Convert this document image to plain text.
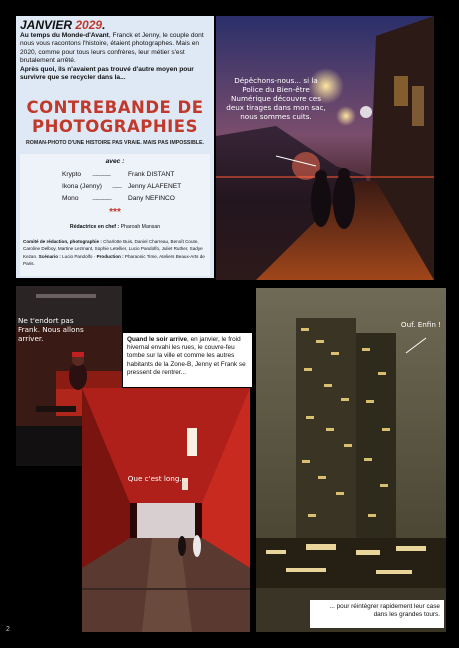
JANVIER 2029.
Au temps du Monde-d'Avant, Franck et Jenny, le couple dont nous vous racontons l'histoire, étaient photographes. Mais en 2020, comme pour tous leurs confrères, leur métier s'est brutalement arrêté.
Après quoi, ils n'avaient pas trouvé d'autre moyen pour survivre que se recycler dans la...
CONTREBANDE DE
PHOTOGRAPHIES
ROMAN-PHOTO D'UNE HISTOIRE PAS VRAIE. MAIS PAS IMPOSSIBLE.
avec :
Krypto ......................	Frank DISTANT
Ikona (Jenny) ........... Jenny ALAFENET
Mono .......................	Dany NEFINCO
***
Rédactrice en chef : Pharoah Mansan
Comité de rédaction, photographie : Charlotte Buis, Daniel Charreau, Benoît Coute, Caroline Delboy, Martine Lezmant, Sophie Letellier, Lucio Pandolfo, Juliet Ruther, Sadye Kezan. Scénario : Lucio Pandolfo · Production : Pharaonic Time, Ateliers Beaux-Arts de Paris.
Dépêchons-nous... si la Police du Bien-être Numérique découvre ces deux tirages dans mon sac, nous sommes cuits.
Ne t'endort pas Frank. Nous allons arriver.	Quand le soir arrive, en janvier, le froid hivernal envahi les rues, le couvre-feu tombe sur la ville et comme les autres habitants de la Zone-B, Jenny et Frank se pressent de rentrer...
Que c'est long...
Ouf. Enfin !
... pour réintégrer rapidement leur case dans les grandes tours.
2
